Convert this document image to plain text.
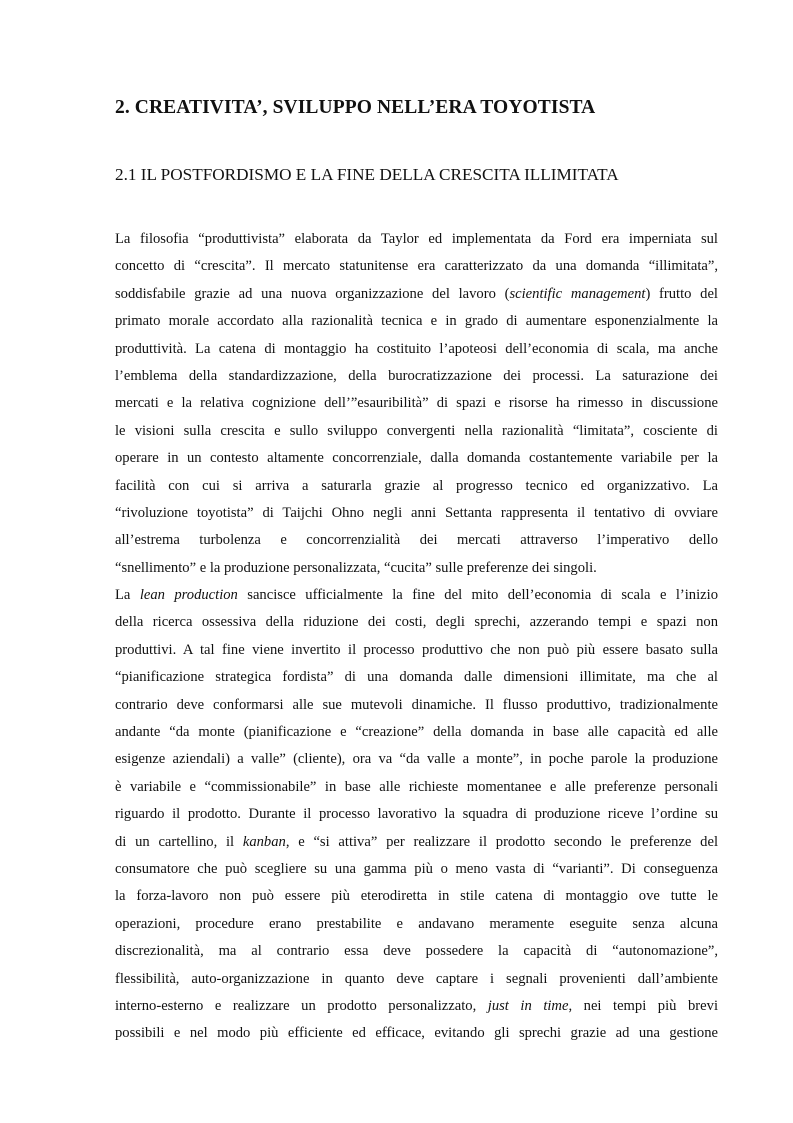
2. CREATIVITA’, SVILUPPO NELL’ERA TOYOTISTA
2.1 IL POSTFORDISMO E LA FINE DELLA CRESCITA ILLIMITATA
La filosofia “produttivista” elaborata da Taylor ed implementata da Ford era imperniata sul
concetto di “crescita”. Il mercato statunitense era caratterizzato da una domanda “illimitata”,
soddisfabile grazie ad una nuova organizzazione del lavoro (scientific management) frutto del
primato morale accordato alla razionalità tecnica e in grado di aumentare esponenzialmente la
produttività. La catena di montaggio ha costituito l’apoteosi dell’economia di scala, ma anche
l’emblema della standardizzazione, della burocratizzazione dei processi. La saturazione dei
mercati e la relativa cognizione dell’”esauribilità” di spazi e risorse ha rimesso in discussione
le visioni sulla crescita e sullo sviluppo convergenti nella razionalità “limitata”, cosciente di
operare in un contesto altamente concorrenziale, dalla domanda costantemente variabile per la
facilità con cui si arriva a saturarla grazie al progresso tecnico ed organizzativo. La
“rivoluzione toyotista” di Taijchi Ohno negli anni Settanta rappresenta il tentativo di ovviare
all’estrema turbolenza e concorrenzialità dei mercati attraverso l’imperativo dello
“snellimento” e la produzione personalizzata, “cucita” sulle preferenze dei singoli.
La lean production sancisce ufficialmente la fine del mito dell’economia di scala e l’inizio
della ricerca ossessiva della riduzione dei costi, degli sprechi, azzerando tempi e spazi non
produttivi. A tal fine viene invertito il processo produttivo che non può più essere basato sulla
“pianificazione strategica fordista” di una domanda dalle dimensioni illimitate, ma che al
contrario deve conformarsi alle sue mutevoli dinamiche. Il flusso produttivo, tradizionalmente
andante “da monte (pianificazione e “creazione” della domanda in base alle capacità ed alle
esigenze aziendali) a valle” (cliente), ora va “da valle a monte”, in poche parole la produzione
è variabile e “commissionabile” in base alle richieste momentanee e alle preferenze personali
riguardo il prodotto. Durante il processo lavorativo la squadra di produzione riceve l’ordine su
di un cartellino, il kanban, e “si attiva” per realizzare il prodotto secondo le preferenze del
consumatore che può scegliere su una gamma più o meno vasta di “varianti”. Di conseguenza
la forza-lavoro non può essere più eterodiretta in stile catena di montaggio ove tutte le
operazioni, procedure erano prestabilite e andavano meramente eseguite senza alcuna
discrezionalità, ma al contrario essa deve possedere la capacità di “autonomazione”,
flessibilità, auto-organizzazione in quanto deve captare i segnali provenienti dall’ambiente
interno-esterno e realizzare un prodotto personalizzato, just in time, nei tempi più brevi
possibili e nel modo più efficiente ed efficace, evitando gli sprechi grazie ad una gestione
